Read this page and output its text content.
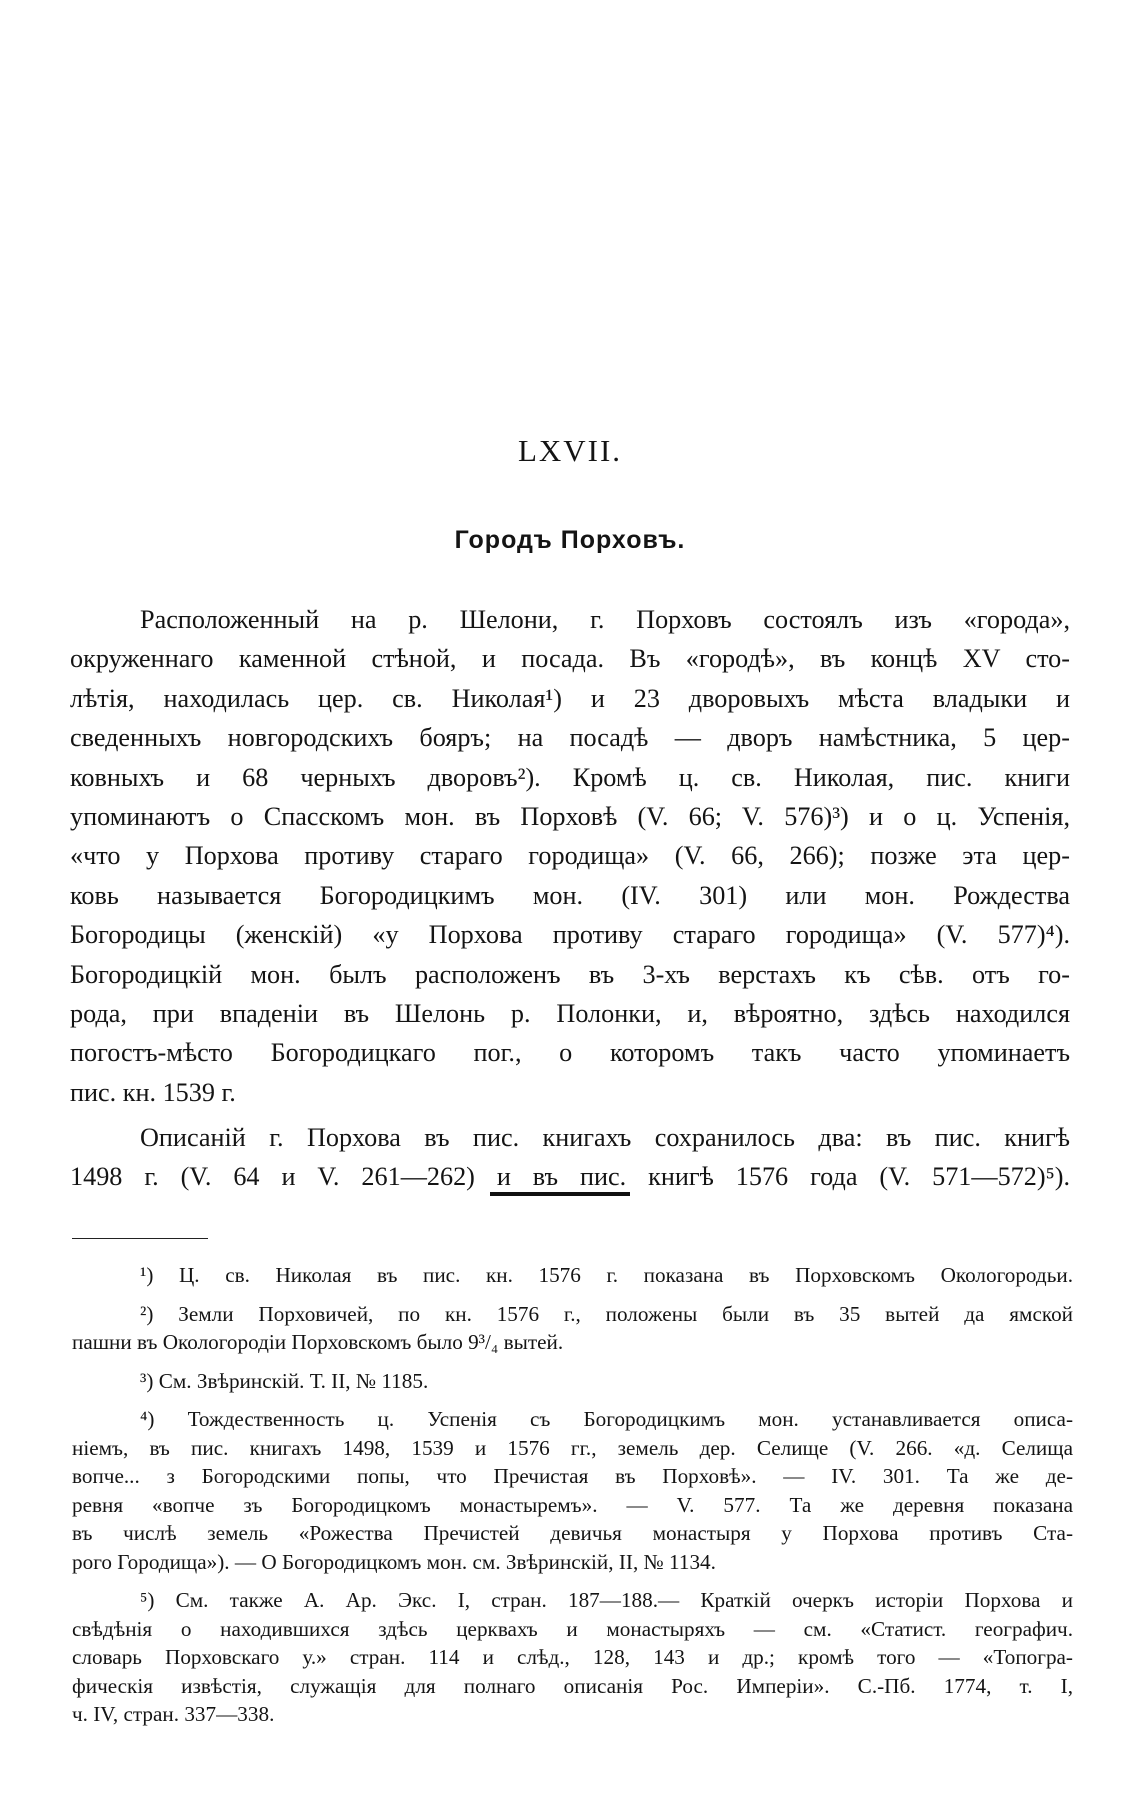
LXVII.
Городъ Порховъ.
Расположенный на р. Шелони, г. Порховъ состоялъ изъ «города»,
окруженнаго каменной стѣной, и посада. Въ «городѣ», въ концѣ XV сто-
лѣтія, находилась цер. св. Николая¹) и 23 дворовыхъ мѣста владыки и
сведенныхъ новгородскихъ бояръ; на посадѣ — дворъ намѣстника, 5 цер-
ковныхъ и 68 черныхъ дворовъ²). Кромѣ ц. св. Николая, пис. книги
упоминаютъ о Спасскомъ мон. въ Порховѣ (V. 66; V. 576)³) и о ц. Успенія,
«что у Порхова противу стараго городища» (V. 66, 266); позже эта цер-
ковь называется Богородицкимъ мон. (IV. 301) или мон. Рождества
Богородицы (женскій) «у Порхова противу стараго городища» (V. 577)⁴).
Богородицкій мон. былъ расположенъ въ 3-хъ верстахъ къ сѣв. отъ го-
рода, при впаденіи въ Шелонь р. Полонки, и, вѣроятно, здѣсь находился
погостъ-мѣсто Богородицкаго пог., о которомъ такъ часто упоминаетъ
пис. кн. 1539 г.
Описаній г. Порхова въ пис. книгахъ сохранилось два: въ пис. книгѣ
1498 г. (V. 64 и V. 261—262) и въ пис. книгѣ 1576 года (V. 571—572)⁵).
¹) Ц. св. Николая въ пис. кн. 1576 г. показана въ Порховскомъ Окологородьи.
²) Земли Порховичей, по кн. 1576 г., положены были въ 35 вытей да ямской
пашни въ Окологородіи Порховскомъ было 9³/₄ вытей.
³) См. Звѣринскій. Т. II, № 1185.
⁴) Тождественность ц. Успенія съ Богородицкимъ мон. устанавливается описа-
ніемъ, въ пис. книгахъ 1498, 1539 и 1576 гг., земель дер. Селище (V. 266. «д. Селища
вопче... з Богородскими попы, что Пречистая въ Порховѣ». — IV. 301. Та же де-
ревня «вопче зъ Богородицкомъ монастыремъ». — V. 577. Та же деревня показана
въ числѣ земель «Рожества Пречистей девичья монастыря у Порхова противъ Ста-
рого Городища»). — О Богородицкомъ мон. см. Звѣринскій, II, № 1134.
⁵) См. также А. Ар. Экс. I, стран. 187—188.— Краткій очеркъ исторіи Порхова и
свѣдѣнія о находившихся здѣсь церквахъ и монастыряхъ — см. «Статист. географич.
словарь Порховскаго у.» стран. 114 и слѣд., 128, 143 и др.; кромѣ того — «Топогра-
фическія извѣстія, служащія для полнаго описанія Рос. Имперіи». С.-Пб. 1774, т. I,
ч. IV, стран. 337—338.
